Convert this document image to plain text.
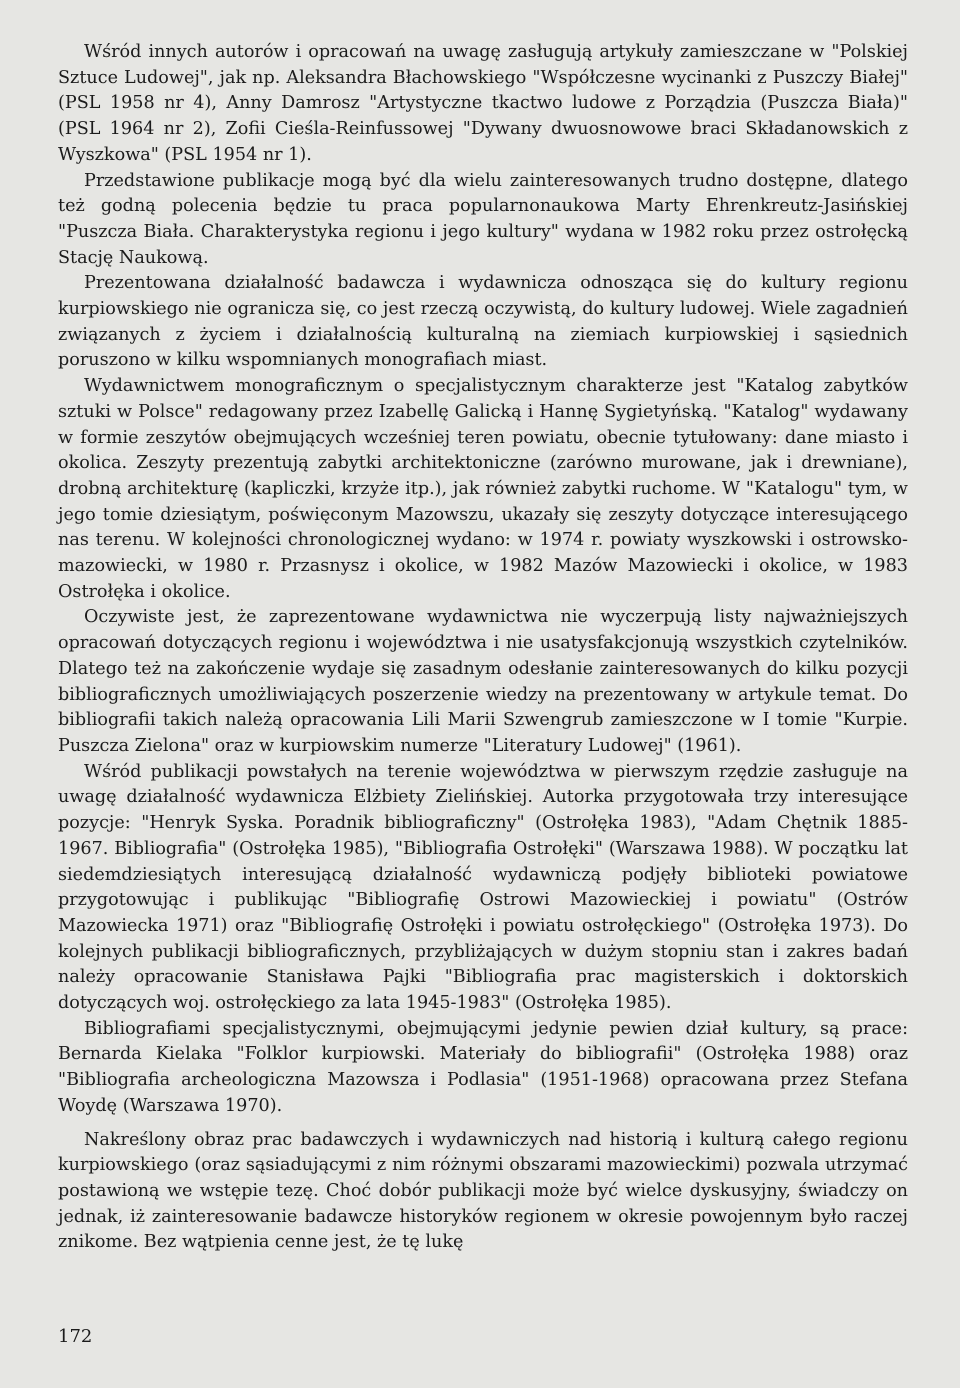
Wśród innych autorów i opracowań na uwagę zasługują artykuły zamieszczane w "Polskiej Sztuce Ludowej", jak np. Aleksandra Błachowskiego "Współczesne wycinanki z Puszczy Białej" (PSL 1958 nr 4), Anny Damrosz "Artystyczne tkactwo ludowe z Porządzia (Puszcza Biała)" (PSL 1964 nr 2), Zofii Cieśla-Reinfussowej "Dywany dwuosnowowe braci Składanowskich z Wyszkowa" (PSL 1954 nr 1).

Przedstawione publikacje mogą być dla wielu zainteresowanych trudno dostępne, dlatego też godną polecenia będzie tu praca popularnonaukowa Marty Ehrenkreutz-Jasińskiej "Puszcza Biała. Charakterystyka regionu i jego kultury" wydana w 1982 roku przez ostrołęcką Stację Naukową.

Prezentowana działalność badawcza i wydawnicza odnosząca się do kultury regionu kurpiowskiego nie ogranicza się, co jest rzeczą oczywistą, do kultury ludowej. Wiele zagadnień związanych z życiem i działalnością kulturalną na ziemiach kurpiowskiej i sąsiednich poruszono w kilku wspomnianych monografiach miast.

Wydawnictwem monograficznym o specjalistycznym charakterze jest "Katalog zabytków sztuki w Polsce" redagowany przez Izabellę Galicką i Hannę Sygietyńską. "Katalog" wydawany w formie zeszytów obejmujących wcześniej teren powiatu, obecnie tytułowany: dane miasto i okolica. Zeszyty prezentują zabytki architektoniczne (zarówno murowane, jak i drewniane), drobną architekturę (kapliczki, krzyże itp.), jak również zabytki ruchome. W "Katalogu" tym, w jego tomie dziesiątym, poświęconym Mazowszu, ukazały się zeszyty dotyczące interesującego nas terenu. W kolejności chronologicznej wydano: w 1974 r. powiaty wyszkowski i ostrowsko-mazowiecki, w 1980 r. Przasnysz i okolice, w 1982 Mazów Mazowiecki i okolice, w 1983 Ostrołęka i okolice.

Oczywiste jest, że zaprezentowane wydawnictwa nie wyczerpują listy najważniejszych opracowań dotyczących regionu i województwa i nie usatysfakcjonują wszystkich czytelników. Dlatego też na zakończenie wydaje się zasadnym odesłanie zainteresowanych do kilku pozycji bibliograficznych umożliwiających poszerzenie wiedzy na prezentowany w artykule temat. Do bibliografii takich należą opracowania Lili Marii Szwengrub zamieszczone w I tomie "Kurpie. Puszcza Zielona" oraz w kurpiowskim numerze "Literatury Ludowej" (1961).

Wśród publikacji powstałych na terenie województwa w pierwszym rzędzie zasługuje na uwagę działalność wydawnicza Elżbiety Zielińskiej. Autorka przygotowała trzy interesujące pozycje: "Henryk Syska. Poradnik bibliograficzny" (Ostrołęka 1983), "Adam Chętnik 1885-1967. Bibliografia" (Ostrołęka 1985), "Bibliografia Ostrołęki" (Warszawa 1988). W początku lat siedemdziesiątych interesującą działalność wydawniczą podjęły biblioteki powiatowe przygotowując i publikując "Bibliografię Ostrowi Mazowieckiej i powiatu" (Ostrów Mazowiecka 1971) oraz "Bibliografię Ostrołęki i powiatu ostrołęckiego" (Ostrołęka 1973). Do kolejnych publikacji bibliograficznych, przybliżających w dużym stopniu stan i zakres badań należy opracowanie Stanisława Pajki "Bibliografia prac magisterskich i doktorskich dotyczących woj. ostrołęckiego za lata 1945-1983" (Ostrołęka 1985).

Bibliografiami specjalistycznymi, obejmującymi jedynie pewien dział kultury, są prace: Bernarda Kielaka "Folklor kurpiowski. Materiały do bibliografii" (Ostrołęka 1988) oraz "Bibliografia archeologiczna Mazowsza i Podlasia" (1951-1968) opracowana przez Stefana Woydę (Warszawa 1970).

Nakreślony obraz prac badawczych i wydawniczych nad historią i kulturą całego regionu kurpiowskiego (oraz sąsiadującymi z nim różnymi obszarami mazowieckimi) pozwala utrzymać postawioną we wstępie tezę. Choć dobór publikacji może być wielce dyskusyjny, świadczy on jednak, iż zainteresowanie badawcze historyków regionem w okresie powojennym było raczej znikome. Bez wątpienia cenne jest, że tę lukę

172
